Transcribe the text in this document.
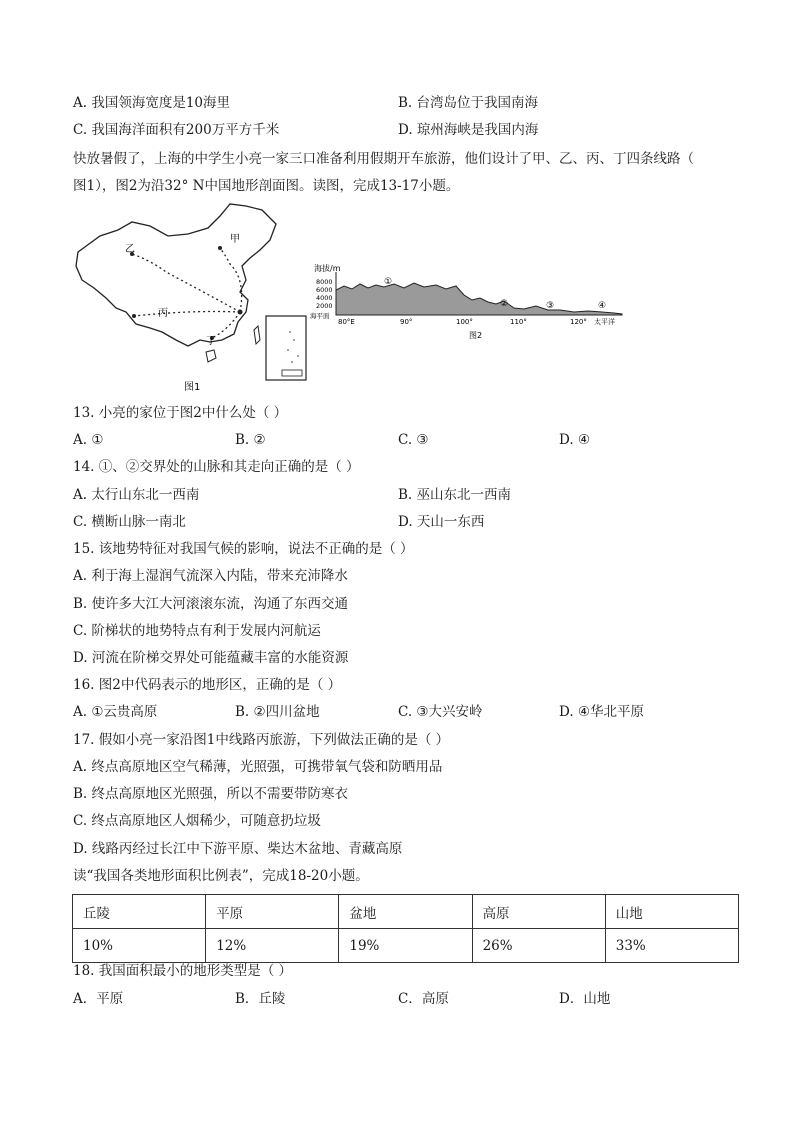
A. 我国领海宽度是10海里	B. 台湾岛位于我国南海
C. 我国海洋面积有200万平方千米	D. 琼州海峡是我国内海
快放暑假了，上海的中学生小亮一家三口准备利用假期开车旅游，他们设计了甲、乙、丙、丁四条线路（
图1），图2为沿32° N中国地形剖面图。读图，完成13-17小题。
乙
甲
丙
丁
图1
海拔/m
8000
6000
4000
2000
海平面
①
②	③	④
80°E	90°	100°	110°	120° 太平洋
图2
13. 小亮的家位于图2中什么处（ ）
A. ①	B. ②	C. ③	D. ④
14. ①、②交界处的山脉和其走向正确的是（ ）
A. 太行山东北一西南	B. 巫山东北一西南
C. 横断山脉一南北	D. 天山一东西
15. 该地势特征对我国气候的影响，说法不正确的是（ ）
A. 利于海上湿润气流深入内陆，带来充沛降水
B. 使许多大江大河滚滚东流，沟通了东西交通
C. 阶梯状的地势特点有利于发展内河航运
D. 河流在阶梯交界处可能蕴藏丰富的水能资源
16. 图2中代码表示的地形区，正确的是（ ）
A. ①云贵高原	B. ②四川盆地	C. ③大兴安岭	D. ④华北平原
17. 假如小亮一家沿图1中线路丙旅游，下列做法正确的是（ ）
A. 终点高原地区空气稀薄，光照强，可携带氧气袋和防晒用品
B. 终点高原地区光照强，所以不需要带防寒衣
C. 终点高原地区人烟稀少，可随意扔垃圾
D. 线路丙经过长江中下游平原、柴达木盆地、青藏高原
读“我国各类地形面积比例表”，完成18-20小题。
丘陵	平原	盆地	高原	山地
10%	12%	19%	26%	33%
18. 我国面积最小的地形类型是（ ）
A．平原	B．丘陵	C．高原	D．山地
